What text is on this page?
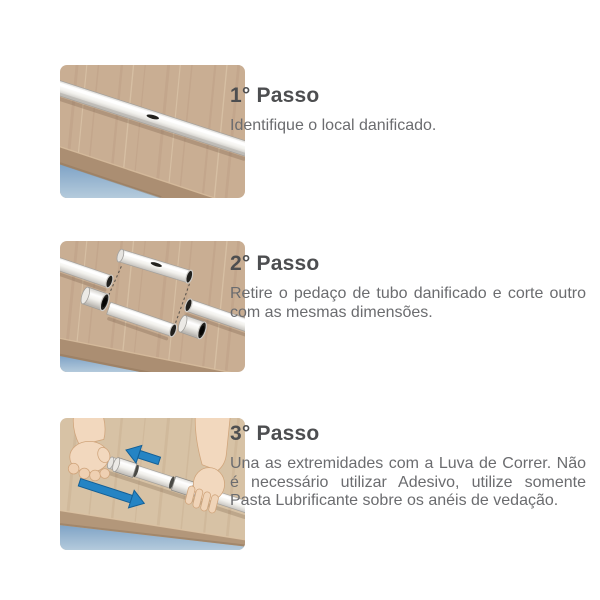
1° Passo

Identifique o local danificado.

2° Passo

Retire o pedaço de tubo danificado e corte outro com as mesmas dimensões.

3° Passo

Una as extremidades com a Luva de Correr. Não é necessário utilizar Adesivo, utilize somente Pasta Lubrificante sobre os anéis de vedação.
